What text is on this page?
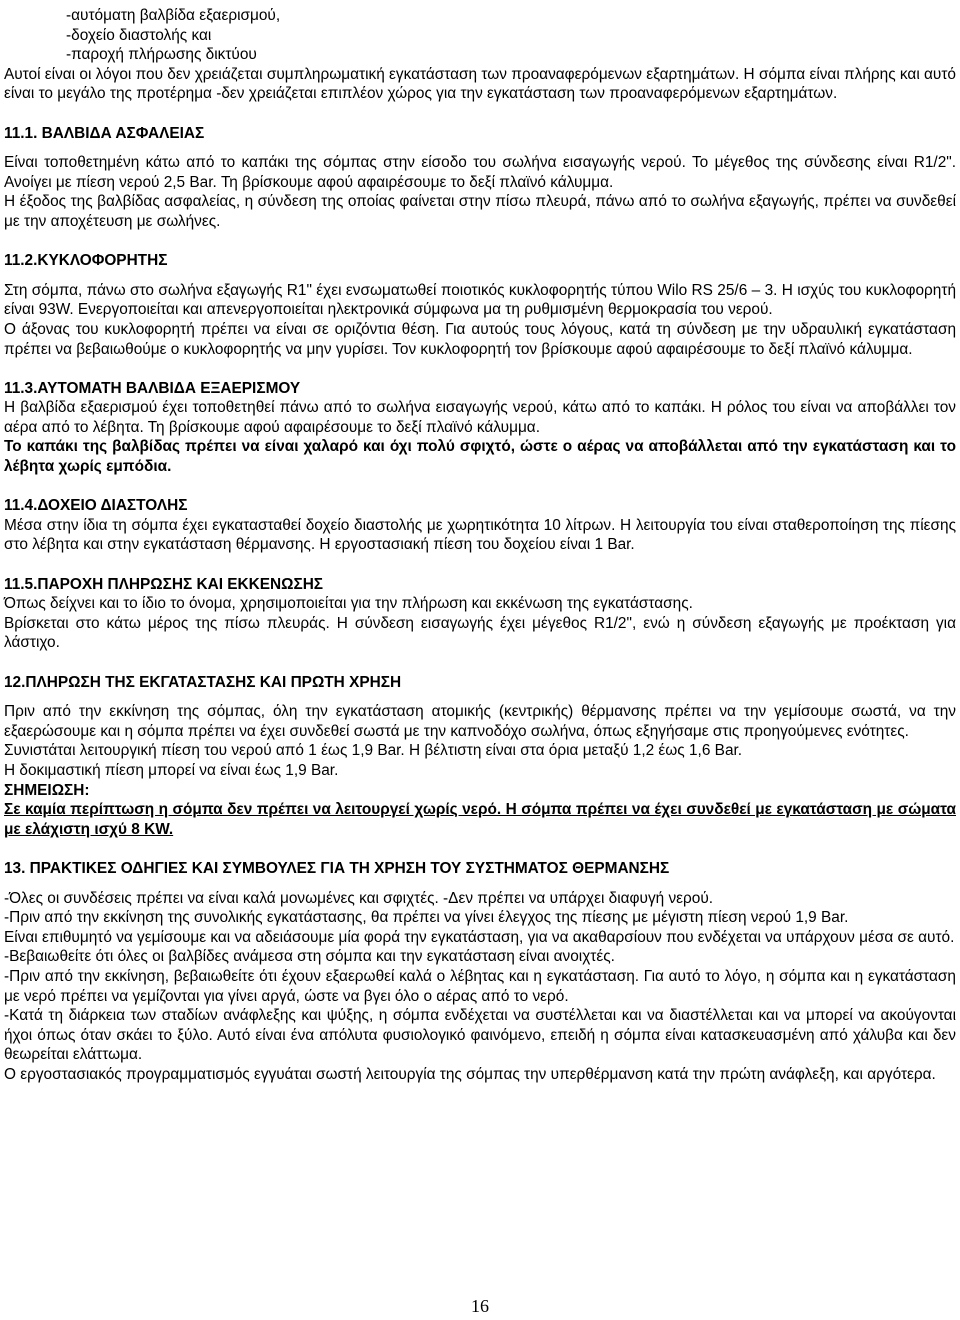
-αυτόματη βαλβίδα εξαερισμού,

-δοχείο διαστολής και

-παροχή πλήρωσης δικτύου

Αυτοί είναι οι λόγοι που δεν χρειάζεται συμπληρωματική εγκατάσταση των προαναφερόμενων εξαρτημάτων. Η σόμπα είναι πλήρης και αυτό είναι το μεγάλο της προτέρημα -δεν χρειάζεται επιπλέον χώρος για την εγκατάσταση των προαναφερόμενων εξαρτημάτων.

11.1. ΒΑΛΒΙΔΑ ΑΣΦΑΛΕΙΑΣ

Είναι τοποθετημένη κάτω από το καπάκι της σόμπας στην είσοδο του σωλήνα εισαγωγής νερού. Το μέγεθος της σύνδεσης είναι R1/2". Ανοίγει με πίεση νερού 2,5 Bar. Τη βρίσκουμε αφού αφαιρέσουμε το δεξί πλαϊνό κάλυμμα.

Η έξοδος της βαλβίδας ασφαλείας, η σύνδεση της οποίας φαίνεται στην πίσω πλευρά, πάνω από το σωλήνα εξαγωγής, πρέπει να συνδεθεί με την αποχέτευση με σωλήνες.

11.2.ΚΥΚΛΟΦΟΡΗΤΗΣ

Στη σόμπα, πάνω στο σωλήνα εξαγωγής R1" έχει ενσωματωθεί ποιοτικός κυκλοφορητής τύπου Wilo RS 25/6 – 3. Η ισχύς του κυκλοφορητή είναι 93W. Ενεργοποιείται και απενεργοποιείται ηλεκτρονικά σύμφωνα μα τη ρυθμισμένη θερμοκρασία του νερού.

Ο άξονας του κυκλοφορητή πρέπει να είναι σε οριζόντια θέση. Για αυτούς τους λόγους, κατά τη σύνδεση με την υδραυλική εγκατάσταση πρέπει να βεβαιωθούμε ο κυκλοφορητής να μην γυρίσει. Τον κυκλοφορητή τον βρίσκουμε αφού αφαιρέσουμε το δεξί πλαϊνό κάλυμμα.

11.3.ΑΥΤΟΜΑΤΗ ΒΑΛΒΙΔΑ ΕΞΑΕΡΙΣΜΟΥ

Η βαλβίδα εξαερισμού έχει τοποθετηθεί πάνω από το σωλήνα εισαγωγής νερού, κάτω από το καπάκι. Η ρόλος του είναι να αποβάλλει τον αέρα από το λέβητα. Τη βρίσκουμε αφού αφαιρέσουμε το δεξί πλαϊνό κάλυμμα.

Το καπάκι της βαλβίδας πρέπει να είναι χαλαρό και όχι πολύ σφιχτό, ώστε ο αέρας να αποβάλλεται από την εγκατάσταση και το λέβητα χωρίς εμπόδια.

11.4.ΔΟΧΕΙΟ ΔΙΑΣΤΟΛΗΣ

Μέσα στην ίδια τη σόμπα έχει εγκατασταθεί δοχείο διαστολής με χωρητικότητα 10 λίτρων. Η λειτουργία του είναι σταθεροποίηση της πίεσης στο λέβητα και στην εγκατάσταση θέρμανσης. Η εργοστασιακή πίεση του δοχείου είναι 1 Bar.

11.5.ΠΑΡΟΧΗ ΠΛΗΡΩΣΗΣ ΚΑΙ ΕΚΚΕΝΩΣΗΣ

Όπως δείχνει και το ίδιο το όνομα, χρησιμοποιείται για την πλήρωση και εκκένωση της εγκατάστασης.

Βρίσκεται στο κάτω μέρος της πίσω πλευράς. Η σύνδεση εισαγωγής έχει μέγεθος R1/2", ενώ η σύνδεση εξαγωγής με προέκταση για λάστιχο.

12.ΠΛΗΡΩΣΗ ΤΗΣ ΕΚΓΑΤΑΣΤΑΣΗΣ ΚΑΙ ΠΡΩΤΗ ΧΡΗΣΗ

Πριν από την εκκίνηση της σόμπας, όλη την εγκατάσταση ατομικής (κεντρικής) θέρμανσης πρέπει να την γεμίσουμε σωστά, να την εξαερώσουμε και η σόμπα πρέπει να έχει συνδεθεί σωστά με την καπνοδόχο σωλήνα, όπως εξηγήσαμε στις προηγούμενες ενότητες.

Συνιστάται λειτουργική πίεση του νερού από 1 έως 1,9 Bar. Η βέλτιστη είναι στα όρια μεταξύ 1,2 έως 1,6 Bar.

Η δοκιμαστική πίεση μπορεί να είναι έως 1,9 Bar.

ΣΗΜΕΙΩΣΗ:

Σε καμία περίπτωση η σόμπα δεν πρέπει να λειτουργεί χωρίς νερό. Η σόμπα πρέπει να έχει συνδεθεί με εγκατάσταση με σώματα με ελάχιστη ισχύ 8 KW.

13. ΠΡΑΚΤΙΚΕΣ ΟΔΗΓΙΕΣ ΚΑΙ ΣΥΜΒΟΥΛΕΣ ΓΙΑ ΤΗ ΧΡΗΣΗ ΤΟΥ ΣΥΣΤΗΜΑΤΟΣ ΘΕΡΜΑΝΣΗΣ

-Όλες οι συνδέσεις πρέπει να είναι καλά μονωμένες και σφιχτές. -Δεν πρέπει να υπάρχει διαφυγή νερού.

-Πριν από την εκκίνηση της συνολικής εγκατάστασης, θα πρέπει να γίνει έλεγχος της πίεσης με μέγιστη πίεση νερού 1,9 Bar.

Είναι επιθυμητό να γεμίσουμε και να αδειάσουμε μία φορά την εγκατάσταση, για να ακαθαρσίουν που ενδέχεται να υπάρχουν μέσα σε αυτό.

-Βεβαιωθείτε ότι όλες οι βαλβίδες ανάμεσα στη σόμπα και την εγκατάσταση είναι ανοιχτές.

-Πριν από την εκκίνηση, βεβαιωθείτε ότι έχουν εξαερωθεί καλά ο λέβητας και η εγκατάσταση. Για αυτό το λόγο, η σόμπα και η εγκατάσταση με νερό πρέπει να γεμίζονται για γίνει αργά, ώστε να βγει όλο ο αέρας από το νερό.

-Κατά τη διάρκεια των σταδίων ανάφλεξης και ψύξης, η σόμπα ενδέχεται να συστέλλεται και να διαστέλλεται και να μπορεί να ακούγονται ήχοι όπως όταν σκάει το ξύλο. Αυτό είναι ένα απόλυτα φυσιολογικό φαινόμενο, επειδή η σόμπα είναι κατασκευασμένη από χάλυβα και δεν θεωρείται ελάττωμα.

Ο εργοστασιακός προγραμματισμός εγγυάται σωστή λειτουργία της σόμπας την υπερθέρμανση κατά την πρώτη ανάφλεξη, και αργότερα.

16
